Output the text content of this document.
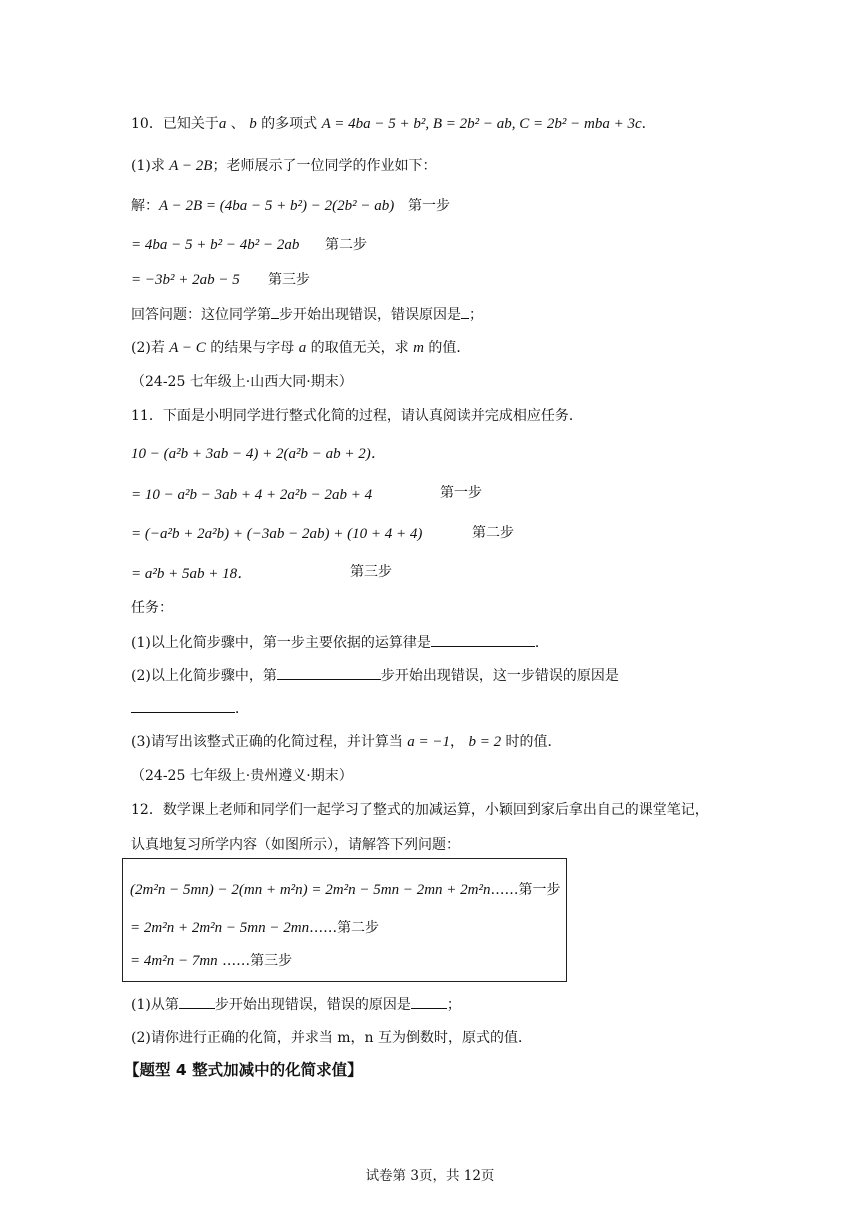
10．已知关于a 、 b 的多项式 A = 4ba − 5 + b², B = 2b² − ab, C = 2b² − mba + 3c．
(1)求 A − 2B；老师展示了一位同学的作业如下：
解：A − 2B = (4ba − 5 + b²) − 2(2b² − ab) 第一步
= 4ba − 5 + b² − 4b² − 2ab 第二步
= −3b² + 2ab − 5 第三步
回答问题：这位同学第 步开始出现错误，错误原因是 ；
(2)若 A − C 的结果与字母 a 的取值无关，求 m 的值．
（24-25 七年级上·山西大同·期末）
11．下面是小明同学进行整式化简的过程，请认真阅读并完成相应任务．
10 − (a²b + 3ab − 4) + 2(a²b − ab + 2)．
= 10 − a²b − 3ab + 4 + 2a²b − 2ab + 4	第一步
= (−a²b + 2a²b) + (−3ab − 2ab) + (10 + 4 + 4)	第二步
= a²b + 5ab + 18．	第三步
任务：
(1)以上化简步骤中，第一步主要依据的运算律是	．
(2)以上化简步骤中，第	步开始出现错误，这一步错误的原因是
．
(3)请写出该整式正确的化简过程，并计算当 a = −1， b = 2 时的值．
（24-25 七年级上·贵州遵义·期末）
12．数学课上老师和同学们一起学习了整式的加减运算，小颖回到家后拿出自己的课堂笔记，
认真地复习所学内容（如图所示），请解答下列问题：
(2m²n − 5mn) − 2(mn + m²n) = 2m²n − 5mn − 2mn + 2m²n……第一步
= 2m²n + 2m²n − 5mn − 2mn……第二步
= 4m²n − 7mn ……第三步
(1)从第	步开始出现错误，错误的原因是	；
(2)请你进行正确的化简，并求当 m，n 互为倒数时，原式的值．
【题型 4 整式加减中的化简求值】
试卷第 3页，共 12页
